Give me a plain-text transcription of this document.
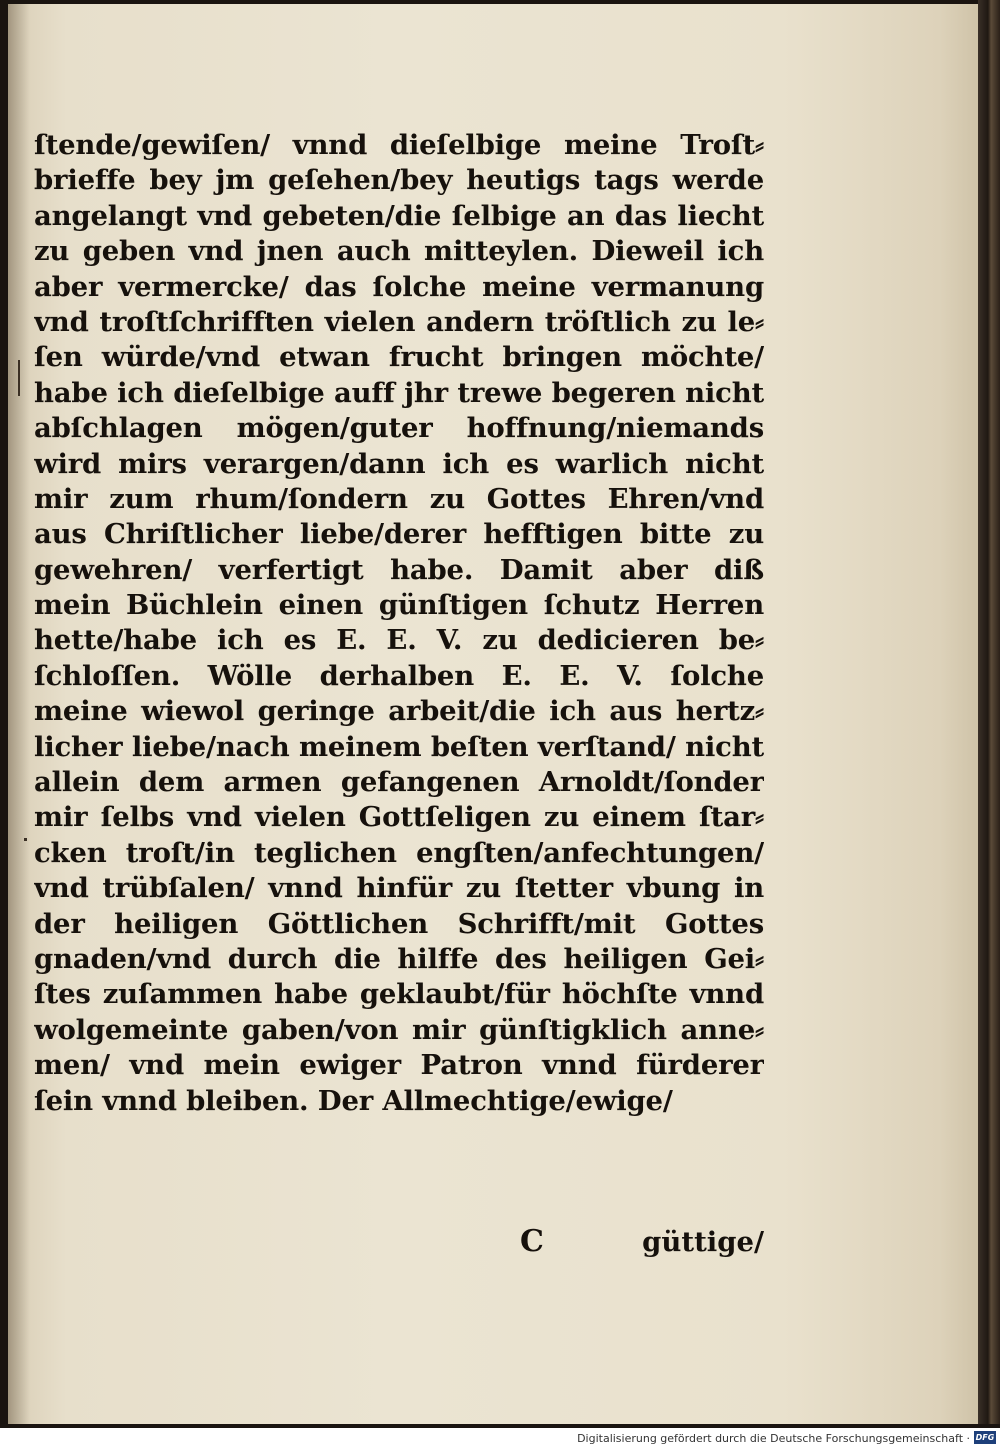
ſtende/gewiſen/ vnnd dieſelbige meine Troſt⸗
brieffe bey jm geſehen/bey heutigs tags werde
angelangt vnd gebeten/die ſelbige an das liecht
zu geben vnd jnen auch mitteylen. Dieweil ich
aber vermercke/ das ſolche meine vermanung
vnd troſtſchrifften vielen andern tröſtlich zu le⸗
ſen würde/vnd etwan frucht bringen möchte/
habe ich dieſelbige auff jhr trewe begeren nicht
abſchlagen mögen/guter hoffnung/niemands
wird mirs verargen/dann ich es warlich nicht
mir zum rhum/ſondern zu Gottes Ehren/vnd
aus Chriſtlicher liebe/derer hefftigen bitte zu
gewehren/ verfertigt habe. Damit aber diß
mein Büchlein einen günſtigen ſchutz Herren
hette/habe ich es E. E. V. zu dedicieren be⸗
ſchloſſen. Wölle derhalben E. E. V. ſolche
meine wiewol geringe arbeit/die ich aus hertz⸗
licher liebe/nach meinem beſten verſtand/ nicht
allein dem armen gefangenen Arnoldt/ſonder
mir ſelbs vnd vielen Gottſeligen zu einem ſtar⸗
cken troſt/in teglichen engſten/anfechtungen/
vnd trübſalen/ vnnd hinfür zu ſtetter vbung in
der heiligen Göttlichen Schrifft/mit Gottes
gnaden/vnd durch die hilffe des heiligen Gei⸗
ſtes zuſammen habe geklaubt/für höchſte vnnd
wolgemeinte gaben/von mir günſtigklich anne⸗
men/ vnd mein ewiger Patron vnnd fürderer
ſein vnnd bleiben. Der Allmechtige/ewige/
C	güttige/
Digitalisierung gefördert durch die Deutsche Forschungsgemeinschaft · DFG
